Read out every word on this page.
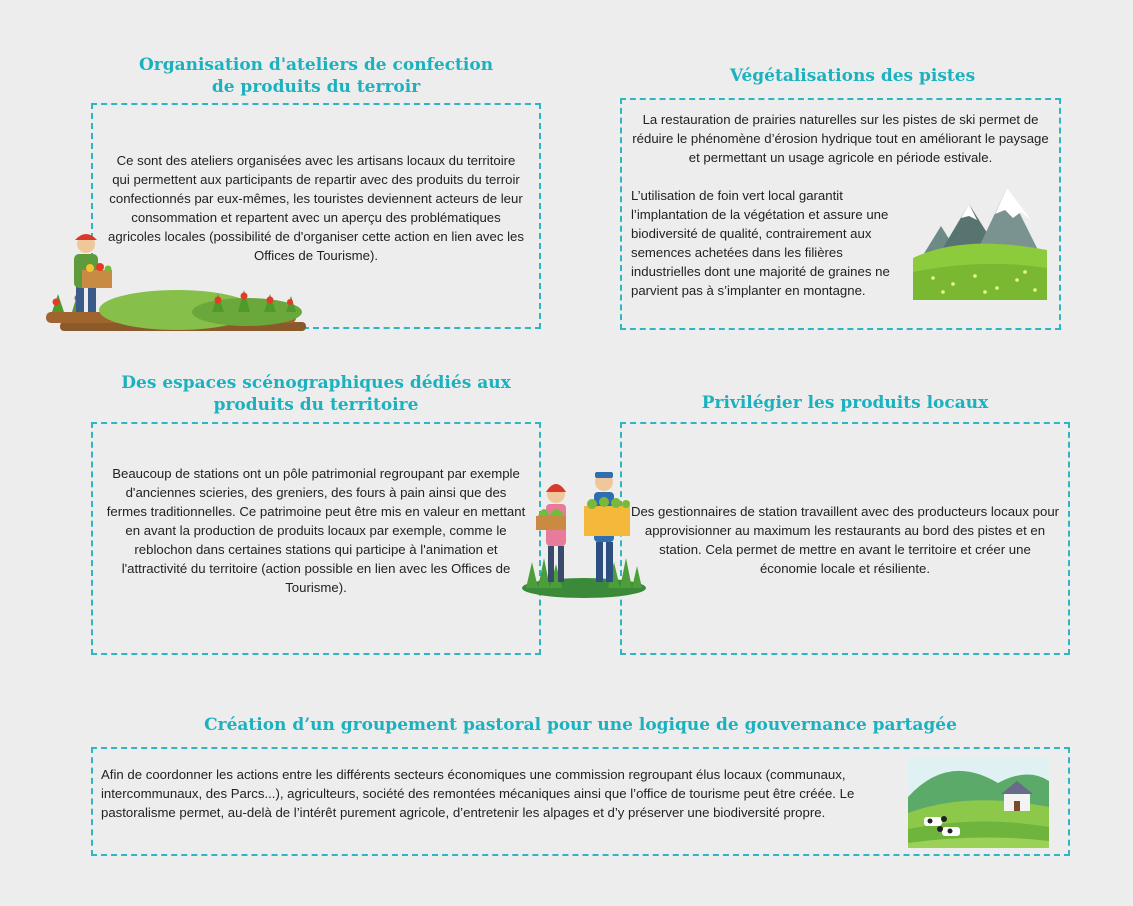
Organisation d'ateliers de confection de produits du terroir

Ce sont des ateliers organisées avec les artisans locaux du territoire qui permettent aux participants de repartir avec des produits du terroir confectionnés par eux-mêmes, les touristes deviennent acteurs de leur consommation et repartent avec un aperçu des problématiques agricoles locales (possibilité de d'organiser cette action en lien avec les Offices de Tourisme).

Végétalisations des pistes

La restauration de prairies naturelles sur les pistes de ski permet de réduire le phénomène d’érosion hydrique tout en améliorant le paysage et permettant un usage agricole en période estivale.

L’utilisation de foin vert local garantit l’implantation de la végétation et assure une biodiversité de qualité, contrairement aux semences achetées dans les filières industrielles dont une majorité de graines ne parvient pas à s’implanter en montagne.

Des espaces scénographiques dédiés aux produits du territoire

Beaucoup de stations ont un pôle patrimonial regroupant par exemple d'anciennes scieries, des greniers, des fours à pain ainsi que des fermes traditionnelles. Ce patrimoine peut être mis en valeur en mettant en avant la production de produits locaux par exemple, comme le reblochon dans certaines stations qui participe à l'animation et l'attractivité du territoire (action possible en lien avec les Offices de Tourisme).

Privilégier les produits locaux

Des gestionnaires de station travaillent avec des producteurs locaux pour approvisionner au maximum les restaurants au bord des pistes et en station. Cela permet de mettre en avant le territoire et créer une économie locale et résiliente.

Création d’un groupement pastoral pour une logique de gouvernance partagée

Afin de coordonner les actions entre les différents secteurs économiques une commission regroupant élus locaux (communaux, intercommunaux, des Parcs...), agriculteurs, société des remontées mécaniques ainsi que l’office de tourisme peut être créée. Le pastoralisme permet, au-delà de l’intérêt purement agricole, d’entretenir les alpages et d’y préserver une biodiversité propre.
